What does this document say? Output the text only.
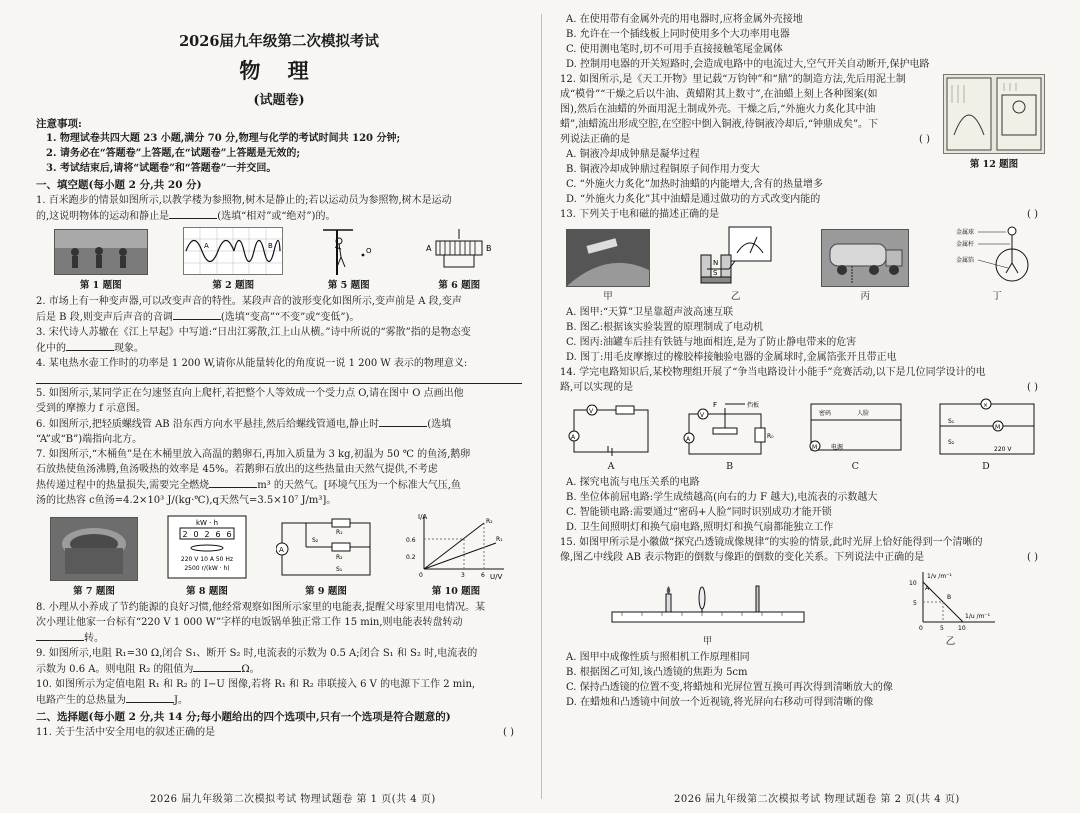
2026届九年级第二次模拟考试
物 理
(试题卷)
注意事项:
1. 物理试卷共四大题 23 小题,满分 70 分,物理与化学的考试时间共 120 分钟;
2. 请务必在“答题卷”上答题,在“试题卷”上答题是无效的;
3. 考试结束后,请将“试题卷”和“答题卷”一并交回。
一、填空题(每小题 2 分,共 20 分)

1. 百米跑步的情景如图所示,以教学楼为参照物,树木是静止的;若以运动员为参照物,树木是运动

的,这说明物体的运动和静止是	(选填“相对”或“绝对”)的。

第 1 题图
A	B
第 2 题图
O
第 5 题图
A	B
第 6 题图

2. 市场上有一种变声器,可以改变声音的特性。某段声音的波形变化如图所示,变声前是 A 段,变声

后是 B 段,则变声后声音的音调	(选填“变高”“不变”或“变低”)。

3. 宋代诗人苏辙在《江上早起》中写道:“日出江雾散,江上山从横。”诗中所说的“雾散”指的是物态变

化中的	现象。

4. 某电热水壶工作时的功率是 1 200 W,请你从能量转化的角度说一说 1 200 W 表示的物理意义:

5. 如图所示,某同学正在匀速竖直向上爬杆,若把整个人等效成一个受力点 O,请在图中 O 点画出他

受到的摩擦力 f 示意图。

6. 如图所示,把轻质螺线管 AB 沿东西方向水平悬挂,然后给螺线管通电,静止时	(选填

“A”或“B”)端指向北方。

7. 如图所示,“木桶鱼”是在木桶里放入高温的鹅卵石,再加入质量为 3 kg,初温为 50 ℃ 的鱼汤,鹅卵

石放热使鱼汤沸腾,鱼汤吸热的效率是 45%。若鹅卵石放出的这些热量由天然气提供,不考虑

热传递过程中的热量损失,需要完全燃烧	m³ 的天然气。[环境气压为一个标准大气压,鱼

汤的比热容 c鱼汤=4.2×10³ J/(kg·℃),q天然气=3.5×10⁷ J/m³]。

第 7 题图
kW · h
2 0 2 6 6
220 V 10 A 50 Hz
2500 r/(kW · h)
第 8 题图
A
S₂
R₁
R₂
S₁
第 9 题图
I/A
U/V
0.6
0.2
0	3	6
R₂
R₁
第 10 题图

8. 小理从小养成了节约能源的良好习惯,他经常观察如图所示家里的电能表,提醒父母家里用电情况。某

次小理让他家一台标有“220 V 1 000 W”字样的电饭锅单独正常工作 15 min,则电能表转盘转动

转。

9. 如图所示,电阻 R₁=30 Ω,闭合 S₁、断开 S₂ 时,电流表的示数为 0.5 A;闭合 S₁ 和 S₂ 时,电流表的

示数为 0.6 A。则电阻 R₂ 的阻值为	Ω。

10. 如图所示为定值电阻 R₁ 和 R₂ 的 I−U 图像,若将 R₁ 和 R₂ 串联接入 6 V 的电源下工作 2 min,

电路产生的总热量为	J。

二、选择题(每小题 2 分,共 14 分;每小题给出的四个选项中,只有一个选项是符合题意的)

11. 关于生活中安全用电的叙述正确的是	( )

A. 在使用带有金属外壳的用电器时,应将金属外壳接地

B. 允许在一个插线板上同时使用多个大功率用电器

C. 使用测电笔时,切不可用手直接接触笔尾金属体

D. 控制用电器的开关短路时,会造成电路中的电流过大,空气开关自动断开,保护电路

12. 如图所示,是《天工开物》里记载“万钧钟”和“鼎”的制造方法,先后用泥土制

成“模骨”“干燥之后以牛油、黄蜡附其上数寸”,在油蜡上刻上各种图案(如

图),然后在油蜡的外面用泥土制成外壳。干燥之后,“外施火力炙化其中油

蜡”,油蜡流出形成空腔,在空腔中倒入铜液,待铜液冷却后,“钟鼎成矣”。下

列说法正确的是	( )

A. 铜液冷却成钟鼎是凝华过程

B. 铜液冷却成钟鼎过程铜原子间作用力变大

C. “外施火力炙化”加热时油蜡的内能增大,含有的热量增多

D. “外施火力炙化”其中油蜡是通过做功的方式改变内能的

第 12 题图

13. 下列关于电和磁的描述正确的是	( )

甲
N
S
乙	丙
金属球
金属杆
金属箔
丁

A. 图甲:“天算”卫星靠超声波高速互联

B. 图乙:根据该实验装置的原理制成了电动机

C. 图丙:油罐车后挂有铁链与地面相连,是为了防止静电带来的危害

D. 图丁:用毛皮摩擦过的橡胶棒接触验电器的金属球时,金属箔张开且带正电

14. 学完电路知识后,某校物理组开展了“争当电路设计小能手”竞赛活动,以下是几位同学设计的电

路,可以实现的是	( )

V
A
A
F	挡板
V
A	R₀
B
密码	人脸
M 电源
C
×
M
S₁
S₂
220 V
D

A. 探究电流与电压关系的电路

B. 坐位体前屈电路:学生成绩越高(向右的力 F 越大),电流表的示数越大

C. 智能锁电路:需要通过“密码+人脸”同时识别成功才能开锁

D. 卫生间照明灯和换气扇电路,照明灯和换气扇都能独立工作

15. 如图甲所示是小徽做“探究凸透镜成像规律”的实验的情景,此时光屏上恰好能得到一个清晰的

像,图乙中线段 AB 表示物距的倒数与像距的倒数的变化关系。下列说法中正确的是	( )

甲
1/v /m⁻¹
1/u /m⁻¹
A
B
10
5
0	5 10
乙

A. 图甲中成像性质与照相机工作原理相同

B. 根据图乙可知,该凸透镜的焦距为 5cm

C. 保持凸透镜的位置不变,将蜡烛和光屏位置互换可再次得到清晰放大的像

D. 在蜡烛和凸透镜中间放一个近视镜,将光屏向右移动可得到清晰的像

2026 届九年级第二次模拟考试 物理试题卷 第 1 页(共 4 页)	2026 届九年级第二次模拟考试 物理试题卷 第 2 页(共 4 页)
